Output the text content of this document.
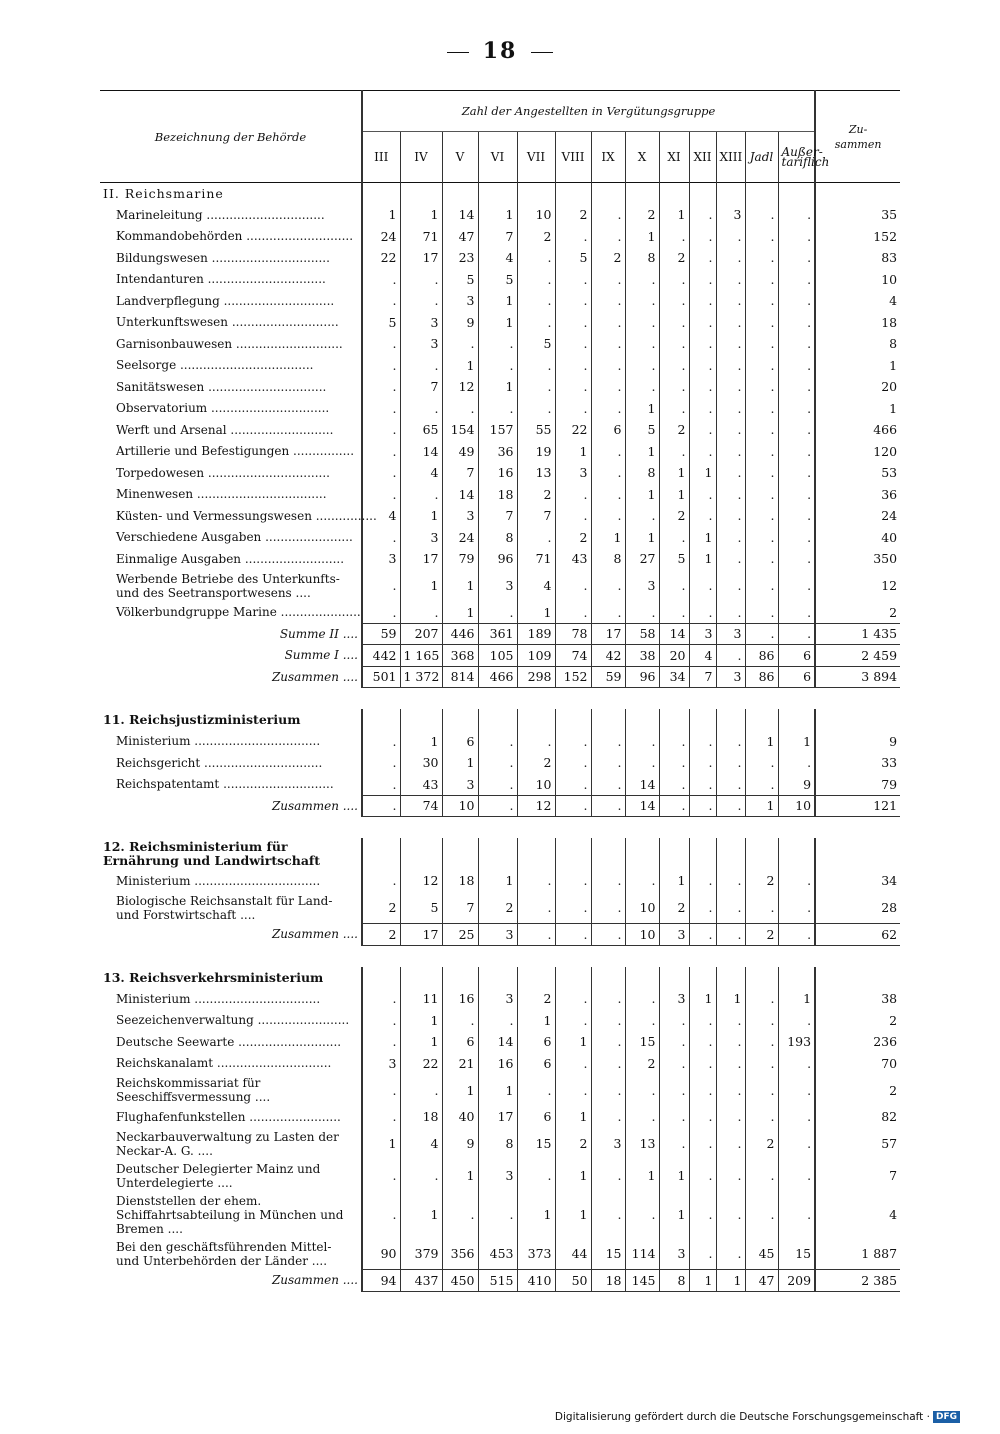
18
Bezeichnung der Behörde	Zahl der Angestellten in Vergütungsgruppe													Zu-
sammen
	III	IV	V	VI	VII	VIII	IX	X	XI	XII	XIII	Jadl	Außer-
tariflich	
II. Reichsmarine														
Marineleitung ...............................	1	1	14	1	10	2	.	2	1	.	3	.	.	35
Kommandobehörden ............................	24	71	47	7	2	.	.	1	.	.	.	.	.	152
Bildungswesen ...............................	22	17	23	4	.	5	2	8	2	.	.	.	.	83
Intendanturen ...............................	.	.	5	5	.	.	.	.	.	.	.	.	.	10
Landverpflegung .............................	.	.	3	1	.	.	.	.	.	.	.	.	.	4
Unterkunftswesen ............................	5	3	9	1	.	.	.	.	.	.	.	.	.	18
Garnisonbauwesen ............................	.	3	.	.	5	.	.	.	.	.	.	.	.	8
Seelsorge ...................................	.	.	1	.	.	.	.	.	.	.	.	.	.	1
Sanitätswesen ...............................	.	7	12	1	.	.	.	.	.	.	.	.	.	20
Observatorium ...............................	.	.	.	.	.	.	.	1	.	.	.	.	.	1
Werft und Arsenal ...........................	.	65	154	157	55	22	6	5	2	.	.	.	.	466
Artillerie und Befestigungen ................	.	14	49	36	19	1	.	1	.	.	.	.	.	120
Torpedowesen ................................	.	4	7	16	13	3	.	8	1	1	.	.	.	53
Minenwesen ..................................	.	.	14	18	2	.	.	1	1	.	.	.	.	36
Küsten- und Vermessungswesen ................	4	1	3	7	7	.	.	.	2	.	.	.	.	24
Verschiedene Ausgaben .......................	.	3	24	8	.	2	1	1	.	1	.	.	.	40
Einmalige Ausgaben ..........................	3	17	79	96	71	43	8	27	5	1	.	.	.	350
Werbende Betriebe des Unterkunfts- und des Seetransportwesens ....	.	1	1	3	4	.	.	3	.	.	.	.	.	12
Völkerbundgruppe Marine .....................	.	.	1	.	1	.	.	.	.	.	.	.	.	2
Summe II ....	59	207	446	361	189	78	17	58	14	3	3	.	.	1 435
Summe I ....	442	1 165	368	105	109	74	42	38	20	4	.	86	6	2 459
Zusammen ....	501	1 372	814	466	298	152	59	96	34	7	3	86	6	3 894

11. Reichsjustizministerium														
Ministerium .................................	.	1	6	.	.	.	.	.	.	.	.	1	1	9
Reichsgericht ...............................	.	30	1	.	2	.	.	.	.	.	.	.	.	33
Reichspatentamt .............................	.	43	3	.	10	.	.	14	.	.	.	.	9	79
Zusammen ....	.	74	10	.	12	.	.	14	.	.	.	1	10	121

12. Reichsministerium für Ernährung und Landwirtschaft														
Ministerium .................................	.	12	18	1	.	.	.	.	1	.	.	2	.	34
Biologische Reichsanstalt für Land- und Forstwirtschaft ....	2	5	7	2	.	.	.	10	2	.	.	.	.	28
Zusammen ....	2	17	25	3	.	.	.	10	3	.	.	2	.	62

13. Reichsverkehrsministerium														
Ministerium .................................	.	11	16	3	2	.	.	.	3	1	1	.	1	38
Seezeichenverwaltung ........................	.	1	.	.	1	.	.	.	.	.	.	.	.	2
Deutsche Seewarte ...........................	.	1	6	14	6	1	.	15	.	.	.	.	193	236
Reichskanalamt ..............................	3	22	21	16	6	.	.	2	.	.	.	.	.	70
Reichskommissariat für Seeschiffsvermessung ....	.	.	1	1	.	.	.	.	.	.	.	.	.	2
Flughafenfunkstellen ........................	.	18	40	17	6	1	.	.	.	.	.	.	.	82
Neckarbauverwaltung zu Lasten der Neckar-A. G. ....	1	4	9	8	15	2	3	13	.	.	.	2	.	57
Deutscher Delegierter Mainz und Unterdelegierte ....	.	.	1	3	.	1	.	1	1	.	.	.	.	7
Dienststellen der ehem. Schiffahrtsabteilung in München und Bremen ....	.	1	.	.	1	1	.	.	1	.	.	.	.	4
Bei den geschäftsführenden Mittel- und Unterbehörden der Länder ....	90	379	356	453	373	44	15	114	3	.	.	45	15	1 887
Zusammen ....	94	437	450	515	410	50	18	145	8	1	1	47	209	2 385
Digitalisierung gefördert durch die Deutsche Forschungsgemeinschaft · DFG
